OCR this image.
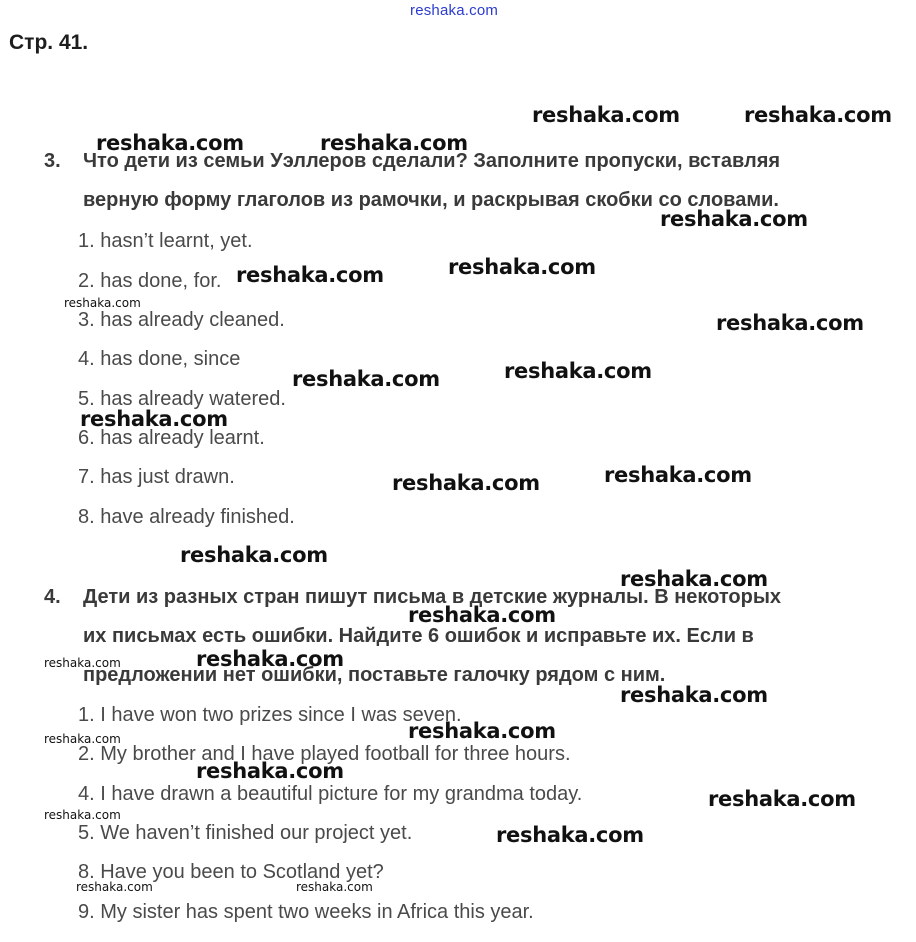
reshaka.com
Стр. 41.
3. Что дети из семьи Уэллеров сделали? Заполните пропуски, вставляя
верную форму глаголов из рамочки, и раскрывая скобки со словами.
1. hasn’t learnt, yet.
2. has done, for.
3. has already cleaned.
4. has done, since
5. has already watered.
6. has already learnt.
7. has just drawn.
8. have already finished.
4. Дети из разных стран пишут письма в детские журналы. В некоторых
их письмах есть ошибки. Найдите 6 ошибок и исправьте их. Если в
предложении нет ошибки, поставьте галочку рядом с ним.
1. I have won two prizes since I was seven.
2. My brother and I have played football for three hours.
4. I have drawn a beautiful picture for my grandma today.
5. We haven’t finished our project yet.
8. Have you been to Scotland yet?
9. My sister has spent two weeks in Africa this year.
reshaka.com	reshaka.com
reshaka.com	reshaka.com
reshaka.com
reshaka.com	reshaka.com
reshaka.com
reshaka.com	reshaka.com
reshaka.com
reshaka.com
reshaka.com
reshaka.com
reshaka.com
reshaka.com
reshaka.com
reshaka.com
reshaka.com
reshaka.com
reshaka.com
reshaka.com
reshaka.com
reshaka.com
reshaka.com
reshaka.com
reshaka.com	reshaka.com
